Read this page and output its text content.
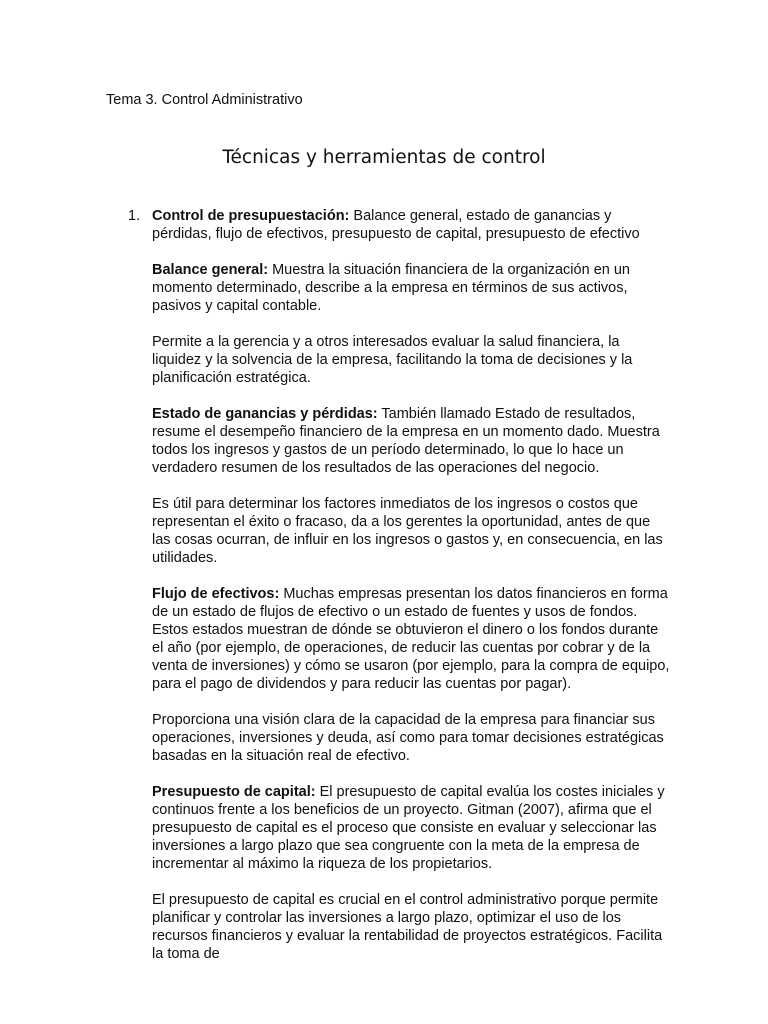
Tema 3. Control Administrativo
Técnicas y herramientas de control
1. Control de presupuestación: Balance general, estado de ganancias y pérdidas, flujo de efectivos, presupuesto de capital, presupuesto de efectivo

Balance general: Muestra la situación financiera de la organización en un momento determinado, describe a la empresa en términos de sus activos, pasivos y capital contable.

Permite a la gerencia y a otros interesados evaluar la salud financiera, la liquidez y la solvencia de la empresa, facilitando la toma de decisiones y la planificación estratégica.

Estado de ganancias y pérdidas: También llamado Estado de resultados, resume el desempeño financiero de la empresa en un momento dado. Muestra todos los ingresos y gastos de un período determinado, lo que lo hace un verdadero resumen de los resultados de las operaciones del negocio.

Es útil para determinar los factores inmediatos de los ingresos o costos que representan el éxito o fracaso, da a los gerentes la oportunidad, antes de que las cosas ocurran, de influir en los ingresos o gastos y, en consecuencia, en las utilidades.

Flujo de efectivos: Muchas empresas presentan los datos financieros en forma de un estado de flujos de efectivo o un estado de fuentes y usos de fondos. Estos estados muestran de dónde se obtuvieron el dinero o los fondos durante el año (por ejemplo, de operaciones, de reducir las cuentas por cobrar y de la venta de inversiones) y cómo se usaron (por ejemplo, para la compra de equipo, para el pago de dividendos y para reducir las cuentas por pagar).

Proporciona una visión clara de la capacidad de la empresa para financiar sus operaciones, inversiones y deuda, así como para tomar decisiones estratégicas basadas en la situación real de efectivo.

Presupuesto de capital: El presupuesto de capital evalúa los costes iniciales y continuos frente a los beneficios de un proyecto. Gitman (2007), afirma que el presupuesto de capital es el proceso que consiste en evaluar y seleccionar las inversiones a largo plazo que sea congruente con la meta de la empresa de incrementar al máximo la riqueza de los propietarios.

El presupuesto de capital es crucial en el control administrativo porque permite planificar y controlar las inversiones a largo plazo, optimizar el uso de los recursos financieros y evaluar la rentabilidad de proyectos estratégicos. Facilita la toma de
